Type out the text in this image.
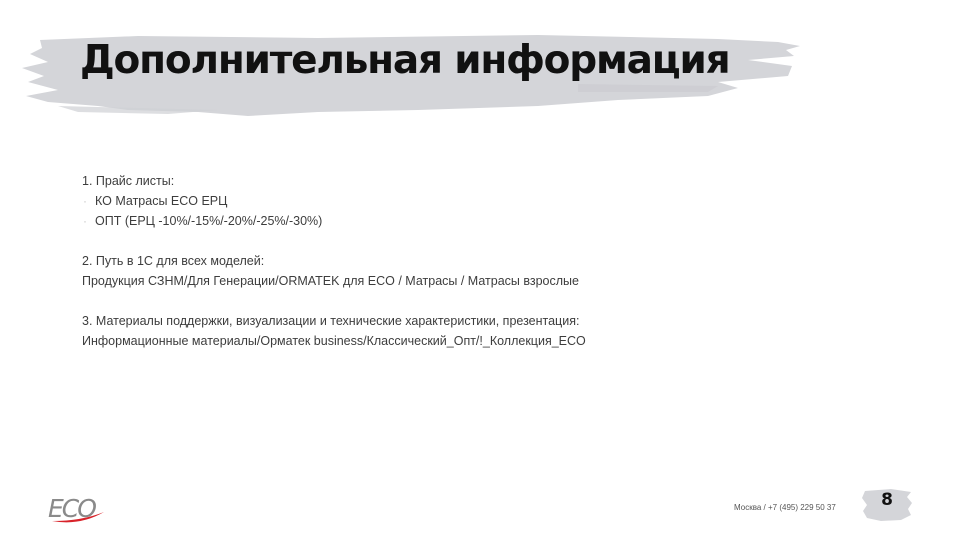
Дополнительная информация
1. Прайс листы:
· КО Матрасы ECO ЕРЦ
· ОПТ (ЕРЦ -10%/-15%/-20%/-25%/-30%)
2. Путь в 1С для всех моделей:
Продукция СЗНМ/Для Генерации/ORMATEK для ECO / Матрасы / Матрасы взрослые
3. Материалы поддержки, визуализации и технические характеристики, презентация:
Информационные материалы/Орматек business/Классический_Опт/!_Коллекция_ECO
ECO	Москва / +7 (495) 229 50 37	8
